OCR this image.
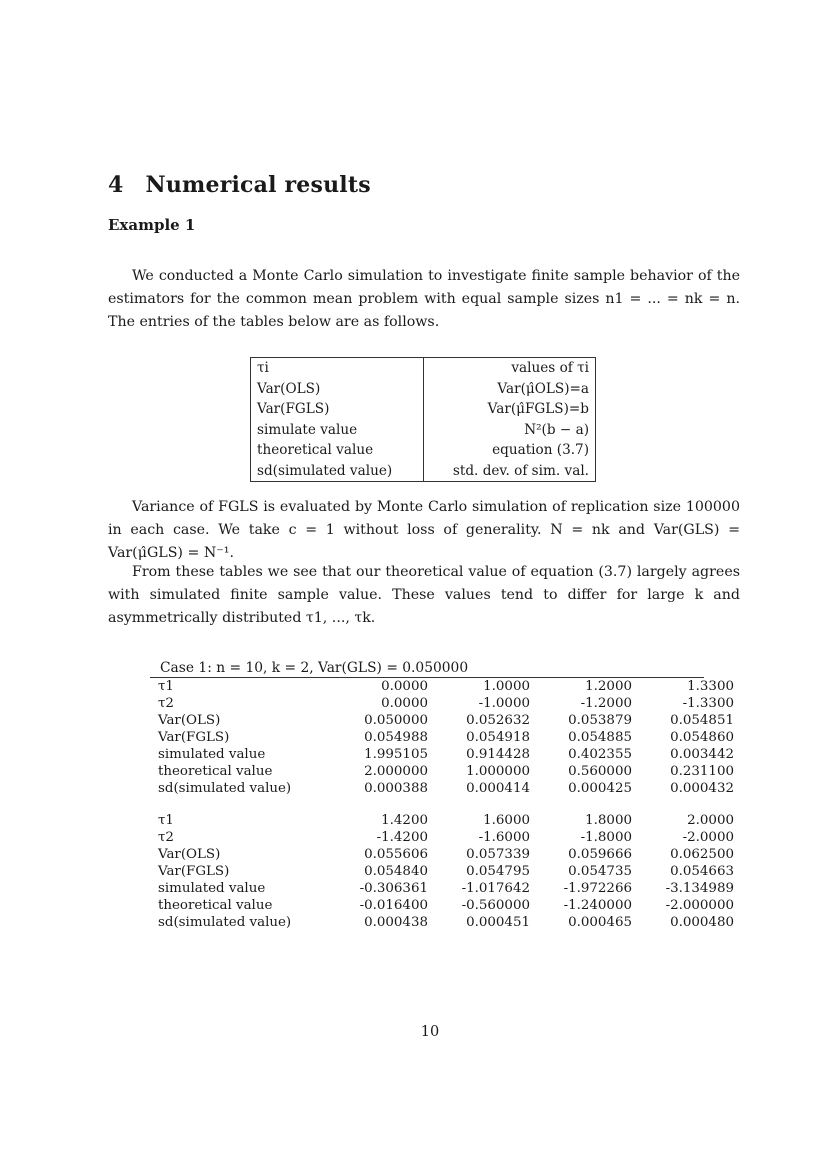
4 Numerical results
Example 1

We conducted a Monte Carlo simulation to investigate finite sample behavior of the estimators for the common mean problem with equal sample sizes n1 = ... = nk = n. The entries of the tables below are as follows.

τi	values of τi
Var(OLS)	Var(μ̂OLS)=a
Var(FGLS)	Var(μ̂FGLS)=b
simulate value	N²(b − a)
theoretical value	equation (3.7)
sd(simulated value)	std. dev. of sim. val.

Variance of FGLS is evaluated by Monte Carlo simulation of replication size 100000 in each case. We take c = 1 without loss of generality. N = nk and Var(GLS) = Var(μ̂GLS) = N⁻¹.

From these tables we see that our theoretical value of equation (3.7) largely agrees with simulated finite sample value. These values tend to differ for large k and asymmetrically distributed τ1, ..., τk.

Case 1: n = 10, k = 2, Var(GLS) = 0.050000
τ1	0.0000	1.0000	1.2000	1.3300
τ2	0.0000	-1.0000	-1.2000	-1.3300
Var(OLS)	0.050000	0.052632	0.053879	0.054851
Var(FGLS)	0.054988	0.054918	0.054885	0.054860
simulated value	1.995105	0.914428	0.402355	0.003442
theoretical value	2.000000	1.000000	0.560000	0.231100
sd(simulated value)	0.000388	0.000414	0.000425	0.000432
τ1	1.4200	1.6000	1.8000	2.0000
τ2	-1.4200	-1.6000	-1.8000	-2.0000
Var(OLS)	0.055606	0.057339	0.059666	0.062500
Var(FGLS)	0.054840	0.054795	0.054735	0.054663
simulated value	-0.306361	-1.017642	-1.972266	-3.134989
theoretical value	-0.016400	-0.560000	-1.240000	-2.000000
sd(simulated value)	0.000438	0.000451	0.000465	0.000480
10
